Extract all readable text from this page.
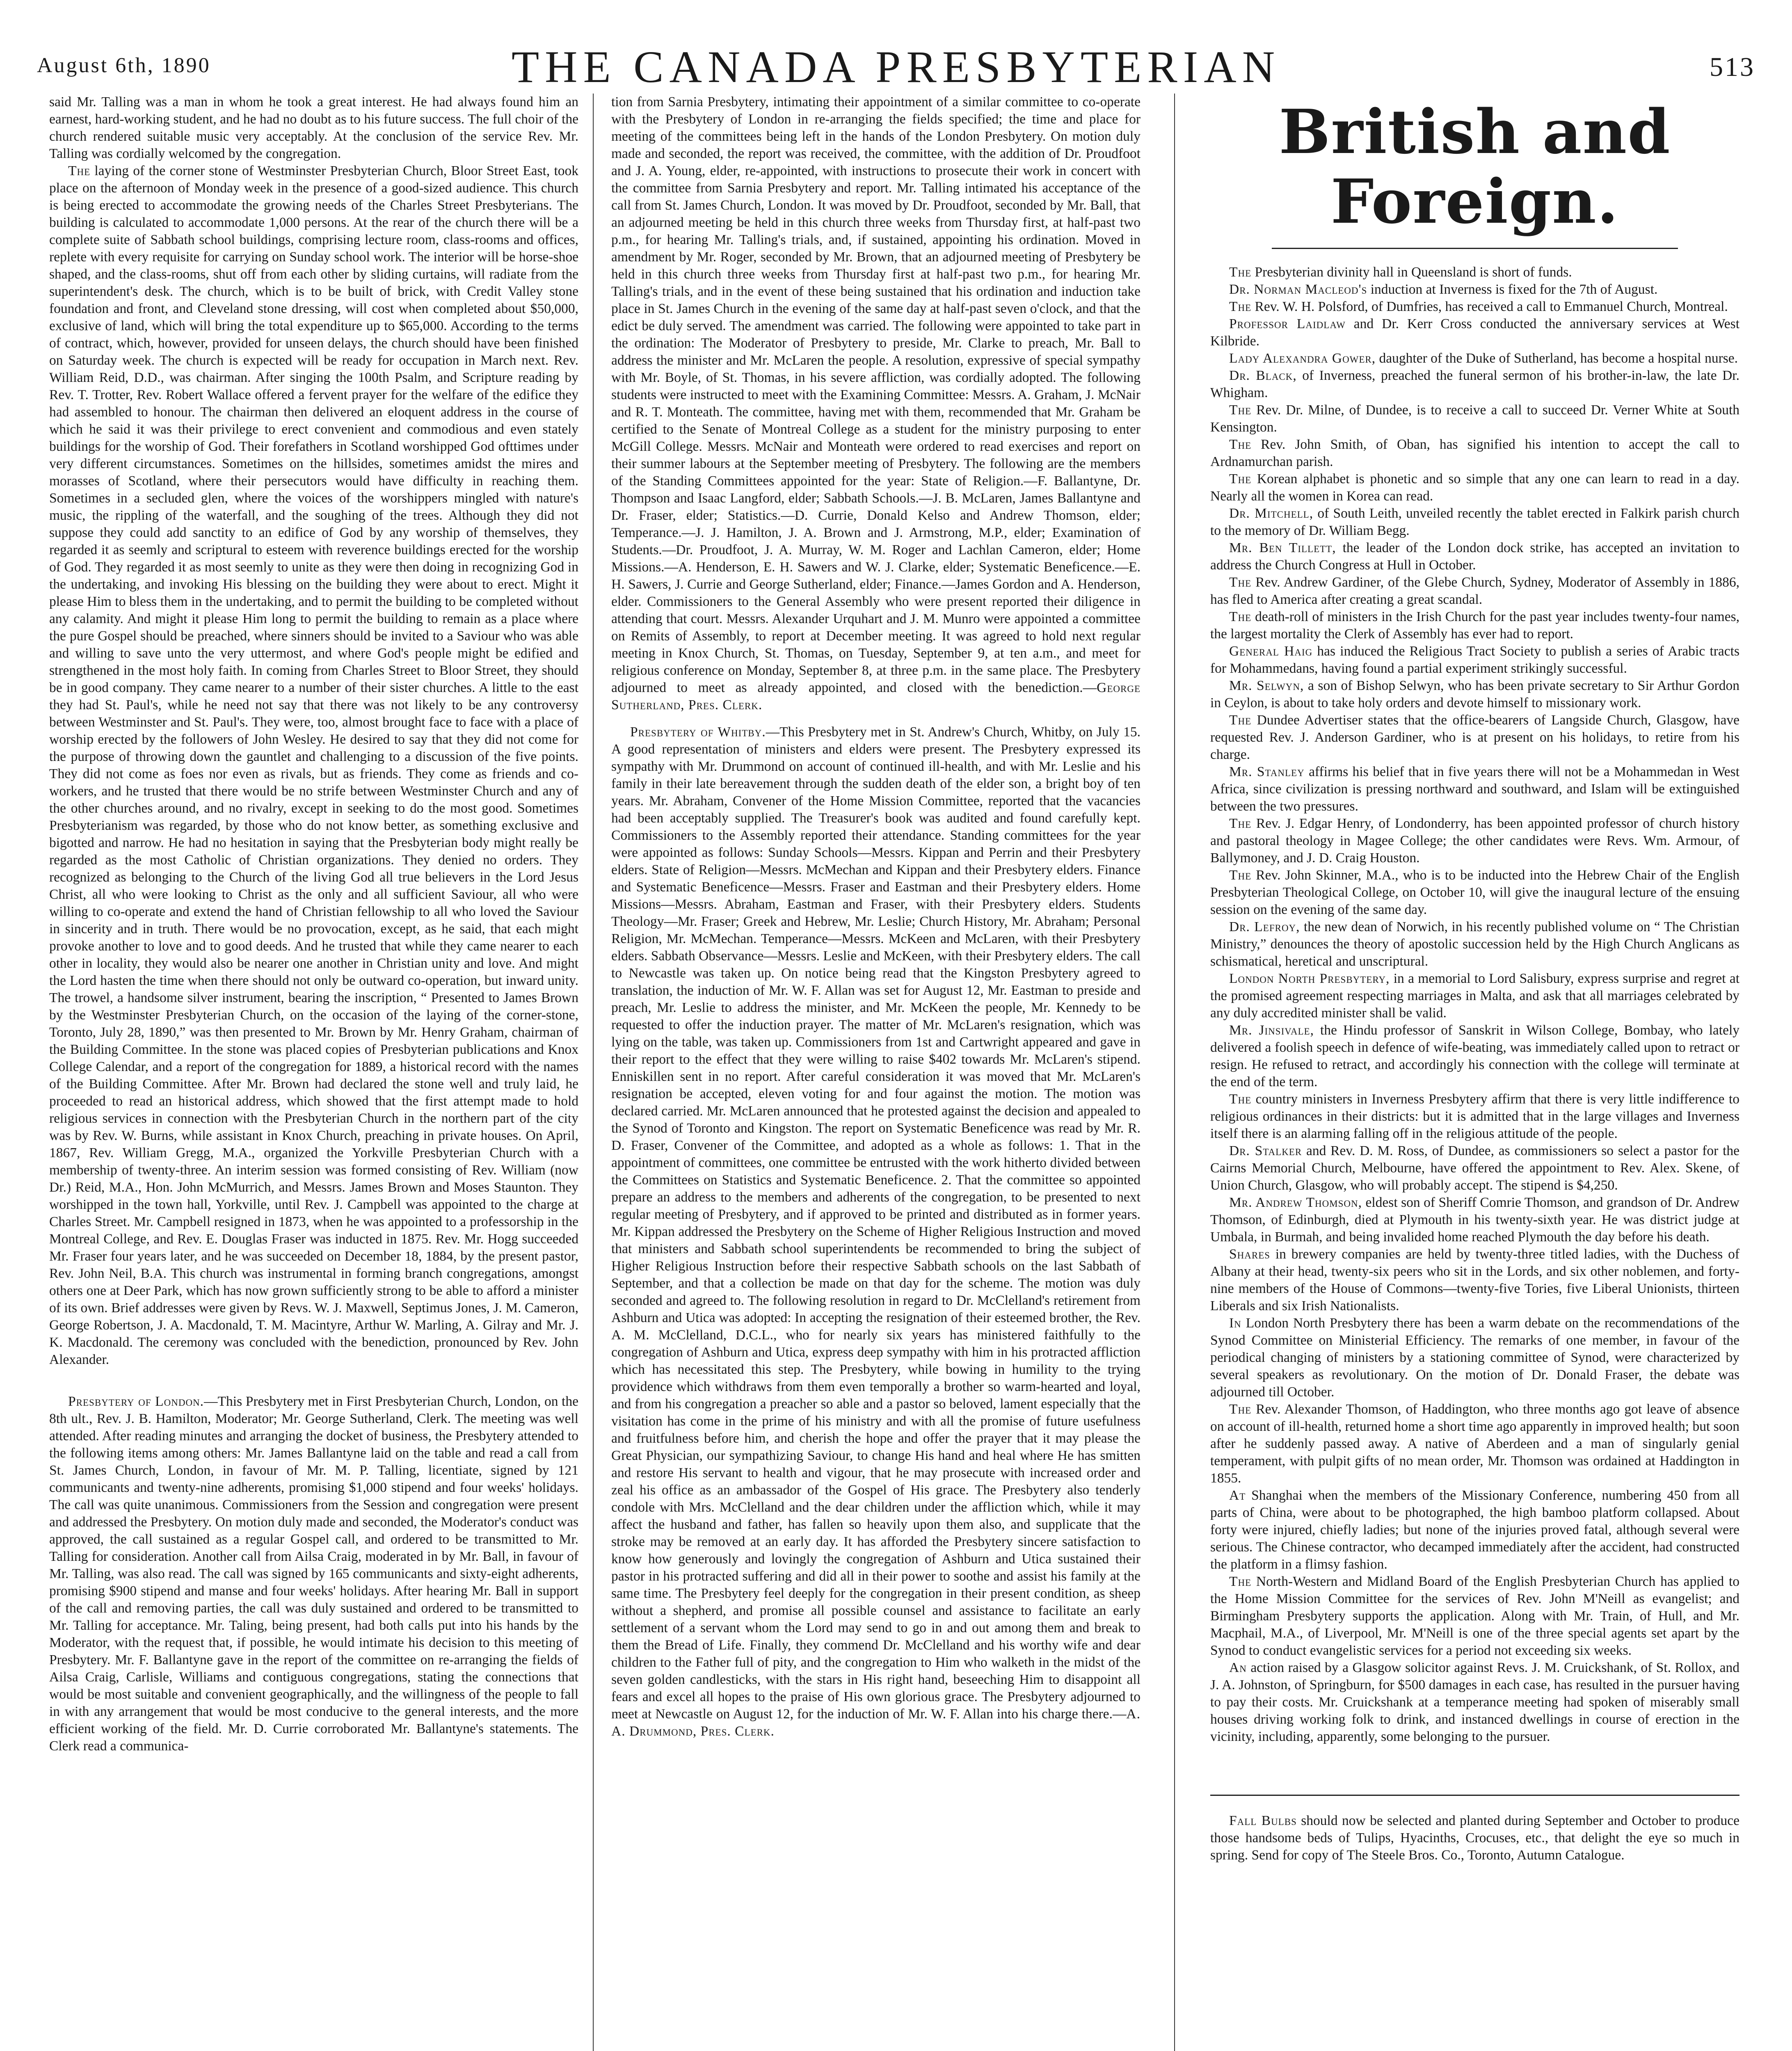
August 6th, 1890	THE CANADA PRESBYTERIAN	513

said Mr. Talling was a man in whom he took a great interest. He had always found him an earnest, hard-working student, and he had no doubt as to his future success. The full choir of the church rendered suitable music very acceptably. At the conclusion of the service Rev. Mr. Talling was cordially welcomed by the congregation.

The laying of the corner stone of Westminster Presbyterian Church, Bloor Street East, took place on the afternoon of Monday week in the presence of a good-sized audience. This church is being erected to accommodate the growing needs of the Charles Street Presbyterians. The building is calculated to accommodate 1,000 persons. At the rear of the church there will be a complete suite of Sabbath school buildings, comprising lecture room, class-rooms and offices, replete with every requisite for carrying on Sunday school work. The interior will be horse-shoe shaped, and the class-rooms, shut off from each other by sliding curtains, will radiate from the superintendent's desk. The church, which is to be built of brick, with Credit Valley stone foundation and front, and Cleveland stone dressing, will cost when completed about $50,000, exclusive of land, which will bring the total expenditure up to $65,000. According to the terms of contract, which, however, provided for unseen delays, the church should have been finished on Saturday week. The church is expected will be ready for occupation in March next. Rev. William Reid, D.D., was chairman. After singing the 100th Psalm, and Scripture reading by Rev. T. Trotter, Rev. Robert Wallace offered a fervent prayer for the welfare of the edifice they had assembled to honour. The chairman then delivered an eloquent address in the course of which he said it was their privilege to erect convenient and commodious and even stately buildings for the worship of God. Their forefathers in Scotland worshipped God ofttimes under very different circumstances. Sometimes on the hillsides, sometimes amidst the mires and morasses of Scotland, where their persecutors would have difficulty in reaching them. Sometimes in a secluded glen, where the voices of the worshippers mingled with nature's music, the rippling of the waterfall, and the soughing of the trees. Although they did not suppose they could add sanctity to an edifice of God by any worship of themselves, they regarded it as seemly and scriptural to esteem with reverence buildings erected for the worship of God. They regarded it as most seemly to unite as they were then doing in recognizing God in the undertaking, and invoking His blessing on the building they were about to erect. Might it please Him to bless them in the undertaking, and to permit the building to be completed without any calamity. And might it please Him long to permit the building to remain as a place where the pure Gospel should be preached, where sinners should be invited to a Saviour who was able and willing to save unto the very uttermost, and where God's people might be edified and strengthened in the most holy faith. In coming from Charles Street to Bloor Street, they should be in good company. They came nearer to a number of their sister churches. A little to the east they had St. Paul's, while he need not say that there was not likely to be any controversy between Westminster and St. Paul's. They were, too, almost brought face to face with a place of worship erected by the followers of John Wesley. He desired to say that they did not come for the purpose of throwing down the gauntlet and challenging to a discussion of the five points. They did not come as foes nor even as rivals, but as friends. They come as friends and co-workers, and he trusted that there would be no strife between Westminster Church and any of the other churches around, and no rivalry, except in seeking to do the most good. Sometimes Presbyterianism was regarded, by those who do not know better, as something exclusive and bigotted and narrow. He had no hesitation in saying that the Presbyterian body might really be regarded as the most Catholic of Christian organizations. They denied no orders. They recognized as belonging to the Church of the living God all true believers in the Lord Jesus Christ, all who were looking to Christ as the only and all sufficient Saviour, all who were willing to co-operate and extend the hand of Christian fellowship to all who loved the Saviour in sincerity and in truth. There would be no provocation, except, as he said, that each might provoke another to love and to good deeds. And he trusted that while they came nearer to each other in locality, they would also be nearer one another in Christian unity and love. And might the Lord hasten the time when there should not only be outward co-operation, but inward unity. The trowel, a handsome silver instrument, bearing the inscription, “ Presented to James Brown by the Westminster Presbyterian Church, on the occasion of the laying of the corner-stone, Toronto, July 28, 1890,” was then presented to Mr. Brown by Mr. Henry Graham, chairman of the Building Committee. In the stone was placed copies of Presbyterian publications and Knox College Calendar, and a report of the congregation for 1889, a historical record with the names of the Building Committee. After Mr. Brown had declared the stone well and truly laid, he proceeded to read an historical address, which showed that the first attempt made to hold religious services in connection with the Presbyterian Church in the northern part of the city was by Rev. W. Burns, while assistant in Knox Church, preaching in private houses. On April, 1867, Rev. William Gregg, M.A., organized the Yorkville Presbyterian Church with a membership of twenty-three. An interim session was formed consisting of Rev. William (now Dr.) Reid, M.A., Hon. John McMurrich, and Messrs. James Brown and Moses Staunton. They worshipped in the town hall, Yorkville, until Rev. J. Campbell was appointed to the charge at Charles Street. Mr. Campbell resigned in 1873, when he was appointed to a professorship in the Montreal College, and Rev. E. Douglas Fraser was inducted in 1875. Rev. Mr. Hogg succeeded Mr. Fraser four years later, and he was succeeded on December 18, 1884, by the present pastor, Rev. John Neil, B.A. This church was instrumental in forming branch congregations, amongst others one at Deer Park, which has now grown sufficiently strong to be able to afford a minister of its own. Brief addresses were given by Revs. W. J. Maxwell, Septimus Jones, J. M. Cameron, George Robertson, J. A. Macdonald, T. M. Macintyre, Arthur W. Marling, A. Gilray and Mr. J. K. Macdonald. The ceremony was concluded with the benediction, pronounced by Rev. John Alexander.

Presbytery of London.—This Presbytery met in First Presbyterian Church, London, on the 8th ult., Rev. J. B. Hamilton, Moderator; Mr. George Sutherland, Clerk. The meeting was well attended. After reading minutes and arranging the docket of business, the Presbytery attended to the following items among others: Mr. James Ballantyne laid on the table and read a call from St. James Church, London, in favour of Mr. M. P. Talling, licentiate, signed by 121 communicants and twenty-nine adherents, promising $1,000 stipend and four weeks' holidays. The call was quite unanimous. Commissioners from the Session and congregation were present and addressed the Presbytery. On motion duly made and seconded, the Moderator's conduct was approved, the call sustained as a regular Gospel call, and ordered to be transmitted to Mr. Talling for consideration. Another call from Ailsa Craig, moderated in by Mr. Ball, in favour of Mr. Talling, was also read. The call was signed by 165 communicants and sixty-eight adherents, promising $900 stipend and manse and four weeks' holidays. After hearing Mr. Ball in support of the call and removing parties, the call was duly sustained and ordered to be transmitted to Mr. Talling for acceptance. Mr. Taling, being present, had both calls put into his hands by the Moderator, with the request that, if possible, he would intimate his decision to this meeting of Presbytery. Mr. F. Ballantyne gave in the report of the committee on re-arranging the fields of Ailsa Craig, Carlisle, Williams and contiguous congregations, stating the connections that would be most suitable and convenient geographically, and the willingness of the people to fall in with any arrangement that would be most conducive to the general interests, and the more efficient working of the field. Mr. D. Currie corroborated Mr. Ballantyne's statements. The Clerk read a communica-

tion from Sarnia Presbytery, intimating their appointment of a similar committee to co-operate with the Presbytery of London in re-arranging the fields specified; the time and place for meeting of the committees being left in the hands of the London Presbytery. On motion duly made and seconded, the report was received, the committee, with the addition of Dr. Proudfoot and J. A. Young, elder, re-appointed, with instructions to prosecute their work in concert with the committee from Sarnia Presbytery and report. Mr. Talling intimated his acceptance of the call from St. James Church, London. It was moved by Dr. Proudfoot, seconded by Mr. Ball, that an adjourned meeting be held in this church three weeks from Thursday first, at half-past two p.m., for hearing Mr. Talling's trials, and, if sustained, appointing his ordination. Moved in amendment by Mr. Roger, seconded by Mr. Brown, that an adjourned meeting of Presbytery be held in this church three weeks from Thursday first at half-past two p.m., for hearing Mr. Talling's trials, and in the event of these being sustained that his ordination and induction take place in St. James Church in the evening of the same day at half-past seven o'clock, and that the edict be duly served. The amendment was carried. The following were appointed to take part in the ordination: The Moderator of Presbytery to preside, Mr. Clarke to preach, Mr. Ball to address the minister and Mr. McLaren the people. A resolution, expressive of special sympathy with Mr. Boyle, of St. Thomas, in his severe affliction, was cordially adopted. The following students were instructed to meet with the Examining Committee: Messrs. A. Graham, J. McNair and R. T. Monteath. The committee, having met with them, recommended that Mr. Graham be certified to the Senate of Montreal College as a student for the ministry purposing to enter McGill College. Messrs. McNair and Monteath were ordered to read exercises and report on their summer labours at the September meeting of Presbytery. The following are the members of the Standing Committees appointed for the year: State of Religion.—F. Ballantyne, Dr. Thompson and Isaac Langford, elder; Sabbath Schools.—J. B. McLaren, James Ballantyne and Dr. Fraser, elder; Statistics.—D. Currie, Donald Kelso and Andrew Thomson, elder; Temperance.—J. J. Hamilton, J. A. Brown and J. Armstrong, M.P., elder; Examination of Students.—Dr. Proudfoot, J. A. Murray, W. M. Roger and Lachlan Cameron, elder; Home Missions.—A. Henderson, E. H. Sawers and W. J. Clarke, elder; Systematic Beneficence.—E. H. Sawers, J. Currie and George Sutherland, elder; Finance.—James Gordon and A. Henderson, elder. Commissioners to the General Assembly who were present reported their diligence in attending that court. Messrs. Alexander Urquhart and J. M. Munro were appointed a committee on Remits of Assembly, to report at December meeting. It was agreed to hold next regular meeting in Knox Church, St. Thomas, on Tuesday, September 9, at ten a.m., and meet for religious conference on Monday, September 8, at three p.m. in the same place. The Presbytery adjourned to meet as already appointed, and closed with the benediction.—George Sutherland, Pres. Clerk.

Presbytery of Whitby.—This Presbytery met in St. Andrew's Church, Whitby, on July 15. A good representation of ministers and elders were present. The Presbytery expressed its sympathy with Mr. Drummond on account of continued ill-health, and with Mr. Leslie and his family in their late bereavement through the sudden death of the elder son, a bright boy of ten years. Mr. Abraham, Convener of the Home Mission Committee, reported that the vacancies had been acceptably supplied. The Treasurer's book was audited and found carefully kept. Commissioners to the Assembly reported their attendance. Standing committees for the year were appointed as follows: Sunday Schools—Messrs. Kippan and Perrin and their Presbytery elders. State of Religion—Messrs. McMechan and Kippan and their Presbytery elders. Finance and Systematic Beneficence—Messrs. Fraser and Eastman and their Presbytery elders. Home Missions—Messrs. Abraham, Eastman and Fraser, with their Presbytery elders. Students Theology—Mr. Fraser; Greek and Hebrew, Mr. Leslie; Church History, Mr. Abraham; Personal Religion, Mr. McMechan. Temperance—Messrs. McKeen and McLaren, with their Presbytery elders. Sabbath Observance—Messrs. Leslie and McKeen, with their Presbytery elders. The call to Newcastle was taken up. On notice being read that the Kingston Presbytery agreed to translation, the induction of Mr. W. F. Allan was set for August 12, Mr. Eastman to preside and preach, Mr. Leslie to address the minister, and Mr. McKeen the people, Mr. Kennedy to be requested to offer the induction prayer. The matter of Mr. McLaren's resignation, which was lying on the table, was taken up. Commissioners from 1st and Cartwright appeared and gave in their report to the effect that they were willing to raise $402 towards Mr. McLaren's stipend. Enniskillen sent in no report. After careful consideration it was moved that Mr. McLaren's resignation be accepted, eleven voting for and four against the motion. The motion was declared carried. Mr. McLaren announced that he protested against the decision and appealed to the Synod of Toronto and Kingston. The report on Systematic Beneficence was read by Mr. R. D. Fraser, Convener of the Committee, and adopted as a whole as follows: 1. That in the appointment of committees, one committee be entrusted with the work hitherto divided between the Committees on Statistics and Systematic Beneficence. 2. That the committee so appointed prepare an address to the members and adherents of the congregation, to be presented to next regular meeting of Presbytery, and if approved to be printed and distributed as in former years. Mr. Kippan addressed the Presbytery on the Scheme of Higher Religious Instruction and moved that ministers and Sabbath school superintendents be recommended to bring the subject of Higher Religious Instruction before their respective Sabbath schools on the last Sabbath of September, and that a collection be made on that day for the scheme. The motion was duly seconded and agreed to. The following resolution in regard to Dr. McClelland's retirement from Ashburn and Utica was adopted: In accepting the resignation of their esteemed brother, the Rev. A. M. McClelland, D.C.L., who for nearly six years has ministered faithfully to the congregation of Ashburn and Utica, express deep sympathy with him in his protracted affliction which has necessitated this step. The Presbytery, while bowing in humility to the trying providence which withdraws from them even temporally a brother so warm-hearted and loyal, and from his congregation a preacher so able and a pastor so beloved, lament especially that the visitation has come in the prime of his ministry and with all the promise of future usefulness and fruitfulness before him, and cherish the hope and offer the prayer that it may please the Great Physician, our sympathizing Saviour, to change His hand and heal where He has smitten and restore His servant to health and vigour, that he may prosecute with increased order and zeal his office as an ambassador of the Gospel of His grace. The Presbytery also tenderly condole with Mrs. McClelland and the dear children under the affliction which, while it may affect the husband and father, has fallen so heavily upon them also, and supplicate that the stroke may be removed at an early day. It has afforded the Presbytery sincere satisfaction to know how generously and lovingly the congregation of Ashburn and Utica sustained their pastor in his protracted suffering and did all in their power to soothe and assist his family at the same time. The Presbytery feel deeply for the congregation in their present condition, as sheep without a shepherd, and promise all possible counsel and assistance to facilitate an early settlement of a servant whom the Lord may send to go in and out among them and break to them the Bread of Life. Finally, they commend Dr. McClelland and his worthy wife and dear children to the Father full of pity, and the congregation to Him who walketh in the midst of the seven golden candlesticks, with the stars in His right hand, beseeching Him to disappoint all fears and excel all hopes to the praise of His own glorious grace. The Presbytery adjourned to meet at Newcastle on August 12, for the induction of Mr. W. F. Allan into his charge there.—A. A. Drummond, Pres. Clerk.

British and Foreign.

The Presbyterian divinity hall in Queensland is short of funds.

Dr. Norman Macleod's induction at Inverness is fixed for the 7th of August.

The Rev. W. H. Polsford, of Dumfries, has received a call to Emmanuel Church, Montreal.

Professor Laidlaw and Dr. Kerr Cross conducted the anniversary services at West Kilbride.

Lady Alexandra Gower, daughter of the Duke of Sutherland, has become a hospital nurse.

Dr. Black, of Inverness, preached the funeral sermon of his brother-in-law, the late Dr. Whigham.

The Rev. Dr. Milne, of Dundee, is to receive a call to succeed Dr. Verner White at South Kensington.

The Rev. John Smith, of Oban, has signified his intention to accept the call to Ardnamurchan parish.

The Korean alphabet is phonetic and so simple that any one can learn to read in a day. Nearly all the women in Korea can read.

Dr. Mitchell, of South Leith, unveiled recently the tablet erected in Falkirk parish church to the memory of Dr. William Begg.

Mr. Ben Tillett, the leader of the London dock strike, has accepted an invitation to address the Church Congress at Hull in October.

The Rev. Andrew Gardiner, of the Glebe Church, Sydney, Moderator of Assembly in 1886, has fled to America after creating a great scandal.

The death-roll of ministers in the Irish Church for the past year includes twenty-four names, the largest mortality the Clerk of Assembly has ever had to report.

General Haig has induced the Religious Tract Society to publish a series of Arabic tracts for Mohammedans, having found a partial experiment strikingly successful.

Mr. Selwyn, a son of Bishop Selwyn, who has been private secretary to Sir Arthur Gordon in Ceylon, is about to take holy orders and devote himself to missionary work.

The Dundee Advertiser states that the office-bearers of Langside Church, Glasgow, have requested Rev. J. Anderson Gardiner, who is at present on his holidays, to retire from his charge.

Mr. Stanley affirms his belief that in five years there will not be a Mohammedan in West Africa, since civilization is pressing northward and southward, and Islam will be extinguished between the two pressures.

The Rev. J. Edgar Henry, of Londonderry, has been appointed professor of church history and pastoral theology in Magee College; the other candidates were Revs. Wm. Armour, of Ballymoney, and J. D. Craig Houston.

The Rev. John Skinner, M.A., who is to be inducted into the Hebrew Chair of the English Presbyterian Theological College, on October 10, will give the inaugural lecture of the ensuing session on the evening of the same day.

Dr. Lefroy, the new dean of Norwich, in his recently published volume on “ The Christian Ministry,” denounces the theory of apostolic succession held by the High Church Anglicans as schismatical, heretical and unscriptural.

London North Presbytery, in a memorial to Lord Salisbury, express surprise and regret at the promised agreement respecting marriages in Malta, and ask that all marriages celebrated by any duly accredited minister shall be valid.

Mr. Jinsivale, the Hindu professor of Sanskrit in Wilson College, Bombay, who lately delivered a foolish speech in defence of wife-beating, was immediately called upon to retract or resign. He refused to retract, and accordingly his connection with the college will terminate at the end of the term.

The country ministers in Inverness Presbytery affirm that there is very little indifference to religious ordinances in their districts: but it is admitted that in the large villages and Inverness itself there is an alarming falling off in the religious attitude of the people.

Dr. Stalker and Rev. D. M. Ross, of Dundee, as commissioners so select a pastor for the Cairns Memorial Church, Melbourne, have offered the appointment to Rev. Alex. Skene, of Union Church, Glasgow, who will probably accept. The stipend is $4,250.

Mr. Andrew Thomson, eldest son of Sheriff Comrie Thomson, and grandson of Dr. Andrew Thomson, of Edinburgh, died at Plymouth in his twenty-sixth year. He was district judge at Umbala, in Burmah, and being invalided home reached Plymouth the day before his death.

Shares in brewery companies are held by twenty-three titled ladies, with the Duchess of Albany at their head, twenty-six peers who sit in the Lords, and six other noblemen, and forty-nine members of the House of Commons—twenty-five Tories, five Liberal Unionists, thirteen Liberals and six Irish Nationalists.

In London North Presbytery there has been a warm debate on the recommendations of the Synod Committee on Ministerial Efficiency. The remarks of one member, in favour of the periodical changing of ministers by a stationing committee of Synod, were characterized by several speakers as revolutionary. On the motion of Dr. Donald Fraser, the debate was adjourned till October.

The Rev. Alexander Thomson, of Haddington, who three months ago got leave of absence on account of ill-health, returned home a short time ago apparently in improved health; but soon after he suddenly passed away. A native of Aberdeen and a man of singularly genial temperament, with pulpit gifts of no mean order, Mr. Thomson was ordained at Haddington in 1855.

At Shanghai when the members of the Missionary Conference, numbering 450 from all parts of China, were about to be photographed, the high bamboo platform collapsed. About forty were injured, chiefly ladies; but none of the injuries proved fatal, although several were serious. The Chinese contractor, who decamped immediately after the accident, had constructed the platform in a flimsy fashion.

The North-Western and Midland Board of the English Presbyterian Church has applied to the Home Mission Committee for the services of Rev. John M'Neill as evangelist; and Birmingham Presbytery supports the application. Along with Mr. Train, of Hull, and Mr. Macphail, M.A., of Liverpool, Mr. M'Neill is one of the three special agents set apart by the Synod to conduct evangelistic services for a period not exceeding six weeks.

An action raised by a Glasgow solicitor against Revs. J. M. Cruickshank, of St. Rollox, and J. A. Johnston, of Springburn, for $500 damages in each case, has resulted in the pursuer having to pay their costs. Mr. Cruickshank at a temperance meeting had spoken of miserably small houses driving working folk to drink, and instanced dwellings in course of erection in the vicinity, including, apparently, some belonging to the pursuer.

Fall Bulbs should now be selected and planted during September and October to produce those handsome beds of Tulips, Hyacinths, Crocuses, etc., that delight the eye so much in spring. Send for copy of The Steele Bros. Co., Toronto, Autumn Catalogue.
